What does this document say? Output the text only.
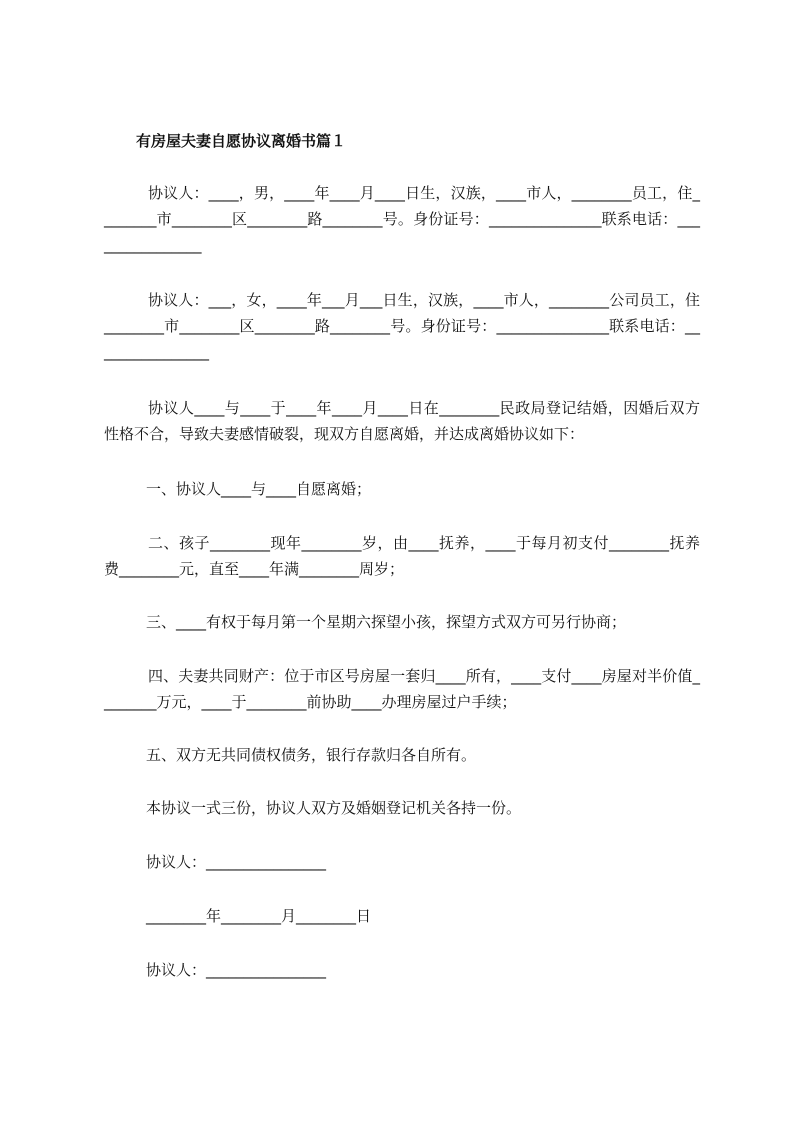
有房屋夫妻自愿协议离婚书篇１

协议人：____，男，____年____月____日生，汉族，____市人，________员工，住________市________区________路________号。身份证号：_______________联系电话：________________

协议人：___，女，____年___月___日生，汉族，____市人，________公司员工，住________市________区________路________号。身份证号：_______________联系电话：________________

协议人____与____于____年____月____日在________民政局登记结婚，因婚后双方性格不合，导致夫妻感情破裂，现双方自愿离婚，并达成离婚协议如下：

一、协议人____与____自愿离婚；

二、孩子________现年________岁，由____抚养，____于每月初支付________抚养费________元，直至____年满________周岁；

三、____有权于每月第一个星期六探望小孩，探望方式双方可另行协商；

四、夫妻共同财产：位于市区号房屋一套归____所有，____支付____房屋对半价值________万元，____于________前协助____办理房屋过户手续；

五、双方无共同债权债务，银行存款归各自所有。

本协议一式三份，协议人双方及婚姻登记机关各持一份。

协议人：________________

________年________月________日

协议人：________________
